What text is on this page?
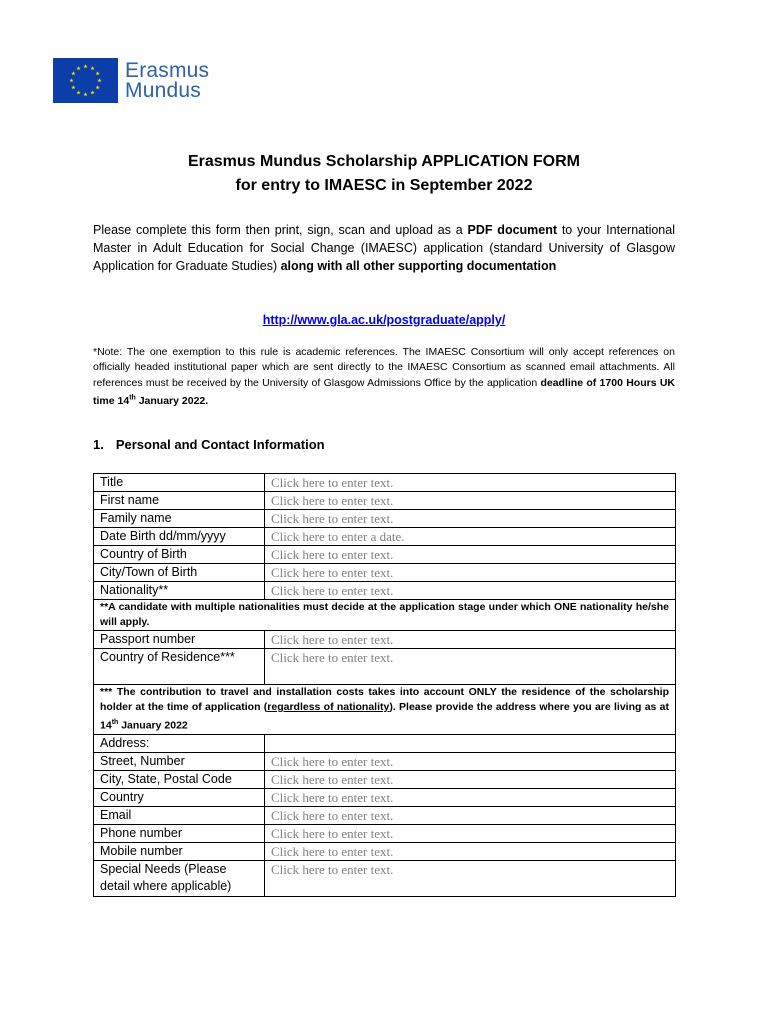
Erasmus
Mundus
Erasmus Mundus Scholarship APPLICATION FORM
for entry to IMAESC in September 2022
Please complete this form then print, sign, scan and upload as a PDF document to your International Master in Adult Education for Social Change (IMAESC) application (standard University of Glasgow Application for Graduate Studies) along with all other supporting documentation
http://www.gla.ac.uk/postgraduate/apply/
*Note: The one exemption to this rule is academic references. The IMAESC Consortium will only accept references on officially headed institutional paper which are sent directly to the IMAESC Consortium as scanned email attachments. All references must be received by the University of Glasgow Admissions Office by the application deadline of 1700 Hours UK time 14th January 2022.
1. Personal and Contact Information
Title	Click here to enter text.
First name	Click here to enter text.
Family name	Click here to enter text.
Date Birth dd/mm/yyyy	Click here to enter a date.
Country of Birth	Click here to enter text.
City/Town of Birth	Click here to enter text.
Nationality**	Click here to enter text.
**A candidate with multiple nationalities must decide at the application stage under which ONE nationality he/she will apply.	
Passport number	Click here to enter text.
Country of Residence***	Click here to enter text.
*** The contribution to travel and installation costs takes into account ONLY the residence of the scholarship holder at the time of application (regardless of nationality). Please provide the address where you are living as at 14th January 2022	
Address:	
Street, Number	Click here to enter text.
City, State, Postal Code	Click here to enter text.
Country	Click here to enter text.
Email	Click here to enter text.
Phone number	Click here to enter text.
Mobile number	Click here to enter text.
Special Needs (Please detail where applicable)	Click here to enter text.
